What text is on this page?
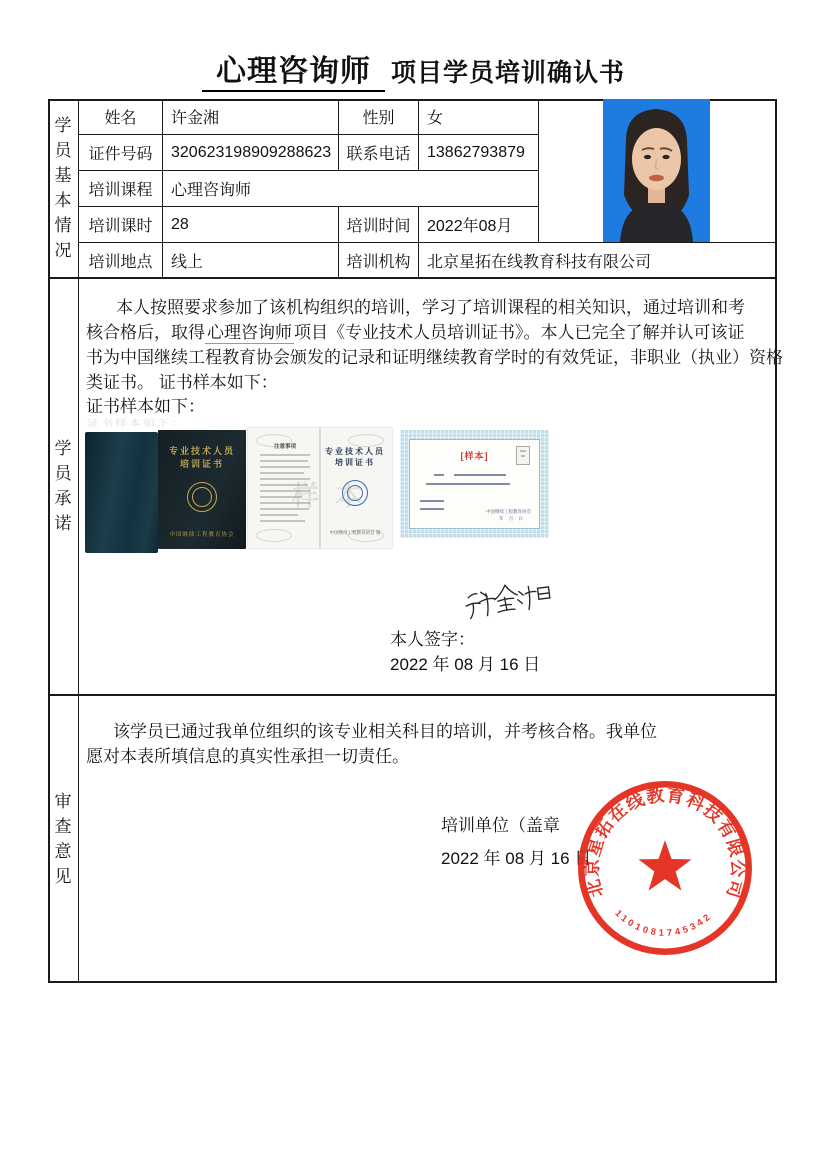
心理咨询师 项目学员培训确认书
学员基本情况
姓名	许金湘	性别	女
证件号码	320623198909288623 联系电话	13862793879
培训课程	心理咨询师
培训课时	28	培训时间	2022年08月
培训地点	线上	培训机构	北京星拓在线教育科技有限公司
学员承诺
本人按照要求参加了该机构组织的培训，学习了培训课程的相关知识，通过培训和考
核合格后，取得 心理咨询师 项目《专业技术人员培训证书》。本人已完全了解并认可该证
书为中国继续工程教育协会颁发的记录和证明继续教育学时的有效凭证，非职业（执业）资格
类证书。 证书样本如下：
证书样本如下：
证书样本如下：
专业技术人员
培训证书
中国继续工程教育协会
注意事项	专业技术人员
培训证书
中国继续工程教育协会 制
样本
[样本]
中国继续工程教育协会
年 月 日
本人签字：
2022 年 08 月 16 日
审查意见
该学员已通过我单位组织的该专业相关科目的培训，并考核合格。我单位
愿对本表所填信息的真实性承担一切责任。
培训单位（盖章
2022 年 08 月 16 日
北京星拓在线教育科技有限公司
1101081745342
